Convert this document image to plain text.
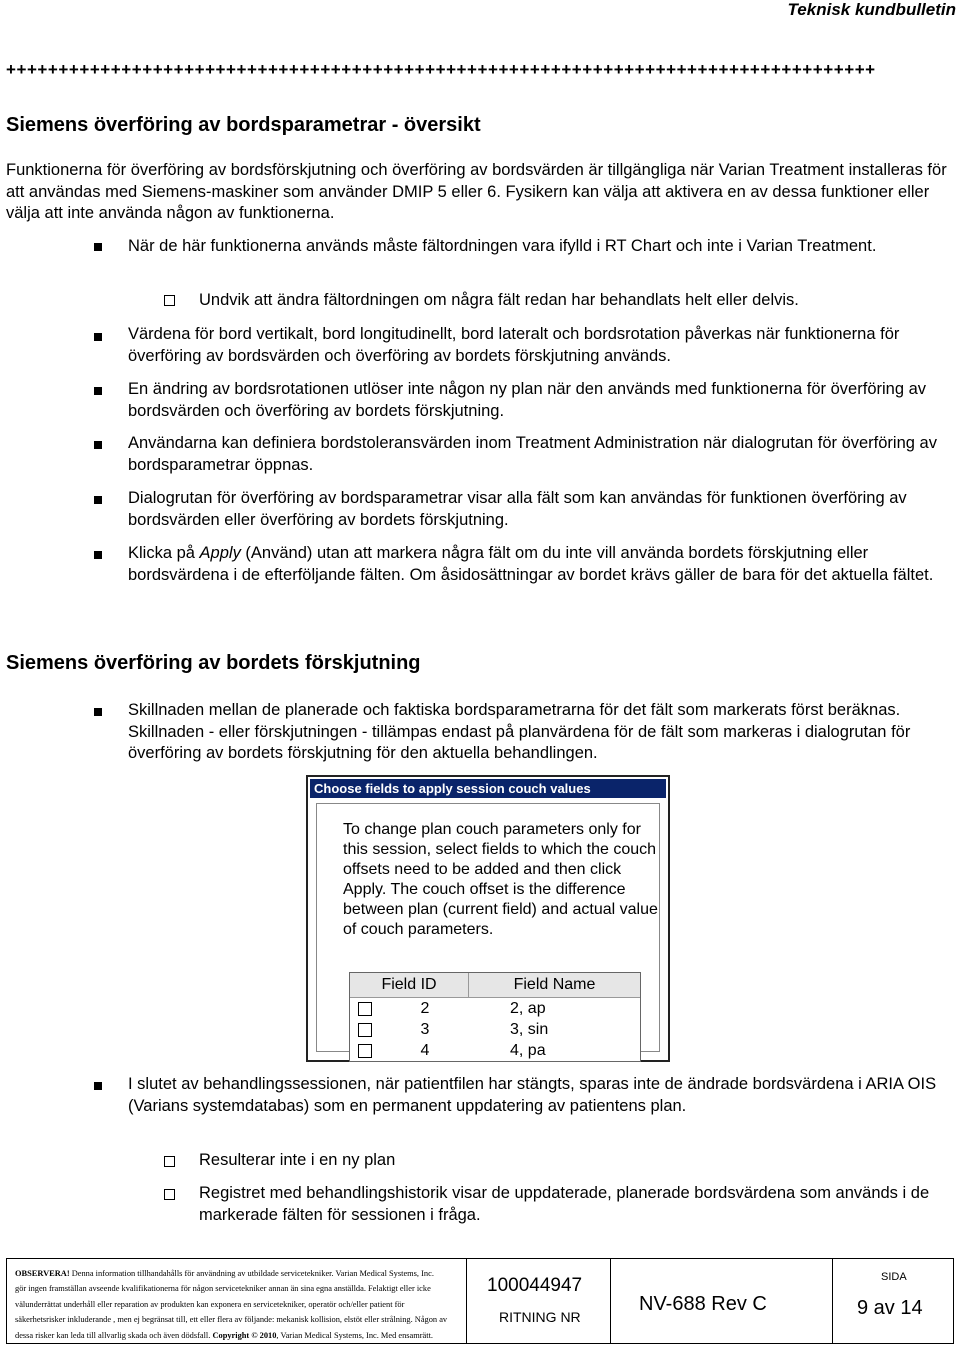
Teknisk kundbulletin
+++++++++++++++++++++++++++++++++++++++++++++++++++++++++++++++++++++++++++++++++++
Siemens överföring av bordsparametrar - översikt
Funktionerna för överföring av bordsförskjutning och överföring av bordsvärden är tillgängliga när Varian Treatment installeras för att användas med Siemens-maskiner som använder DMIP 5 eller 6. Fysikern kan välja att aktivera en av dessa funktioner eller välja att inte använda någon av funktionerna.
När de här funktionerna används måste fältordningen vara ifylld i RT Chart och inte i Varian Treatment.
Undvik att ändra fältordningen om några fält redan har behandlats helt eller delvis.
Värdena för bord vertikalt, bord longitudinellt, bord lateralt och bordsrotation påverkas när funktionerna för överföring av bordsvärden och överföring av bordets förskjutning används.
En ändring av bordsrotationen utlöser inte någon ny plan när den används med funktionerna för överföring av bordsvärden och överföring av bordets förskjutning.
Användarna kan definiera bordstoleransvärden inom Treatment Administration när dialogrutan för överföring av bordsparametrar öppnas.
Dialogrutan för överföring av bordsparametrar visar alla fält som kan användas för funktionen överföring av bordsvärden eller överföring av bordets förskjutning.
Klicka på Apply (Använd) utan att markera några fält om du inte vill använda bordets förskjutning eller bordsvärdena i de efterföljande fälten. Om åsidosättningar av bordet krävs gäller de bara för det aktuella fältet.
Siemens överföring av bordets förskjutning
Skillnaden mellan de planerade och faktiska bordsparametrarna för det fält som markerats först beräknas. Skillnaden - eller förskjutningen - tillämpas endast på planvärdena för de fält som markeras i dialogrutan för överföring av bordets förskjutning för den aktuella behandlingen.
Choose fields to apply session couch values
To change plan couch parameters only for this session, select fields to which the couch offsets need to be added and then click Apply. The couch offset is the difference between plan (current field) and actual value of couch parameters.
Field ID	Field Name
2	2, ap
3	3, sin
4	4, pa
I slutet av behandlingssessionen, när patientfilen har stängts, sparas inte de ändrade bordsvärdena i ARIA OIS (Varians systemdatabas) som en permanent uppdatering av patientens plan.
Resulterar inte i en ny plan
Registret med behandlingshistorik visar de uppdaterade, planerade bordsvärdena som används i de markerade fälten för sessionen i fråga.
OBSERVERA! Denna information tillhandahålls för användning av utbildade servicetekniker. Varian Medical Systems, Inc.
gör ingen framställan avseende kvalifikationerna för någon servicetekniker annan än sina egna anställda. Felaktigt eller icke
välunderrättat underhåll eller reparation av produkten kan exponera en servicetekniker, operatör och/eller patient för
säkerhetsrisker inkluderande , men ej begränsat till, ett eller flera av följande: mekanisk kollision, elstöt eller strålning. Någon av
dessa risker kan leda till allvarlig skada och även dödsfall. Copyright © 2010, Varian Medical Systems, Inc. Med ensamrätt.
100044947
RITNING NR
NV-688 Rev C
SIDA
9 av 14
